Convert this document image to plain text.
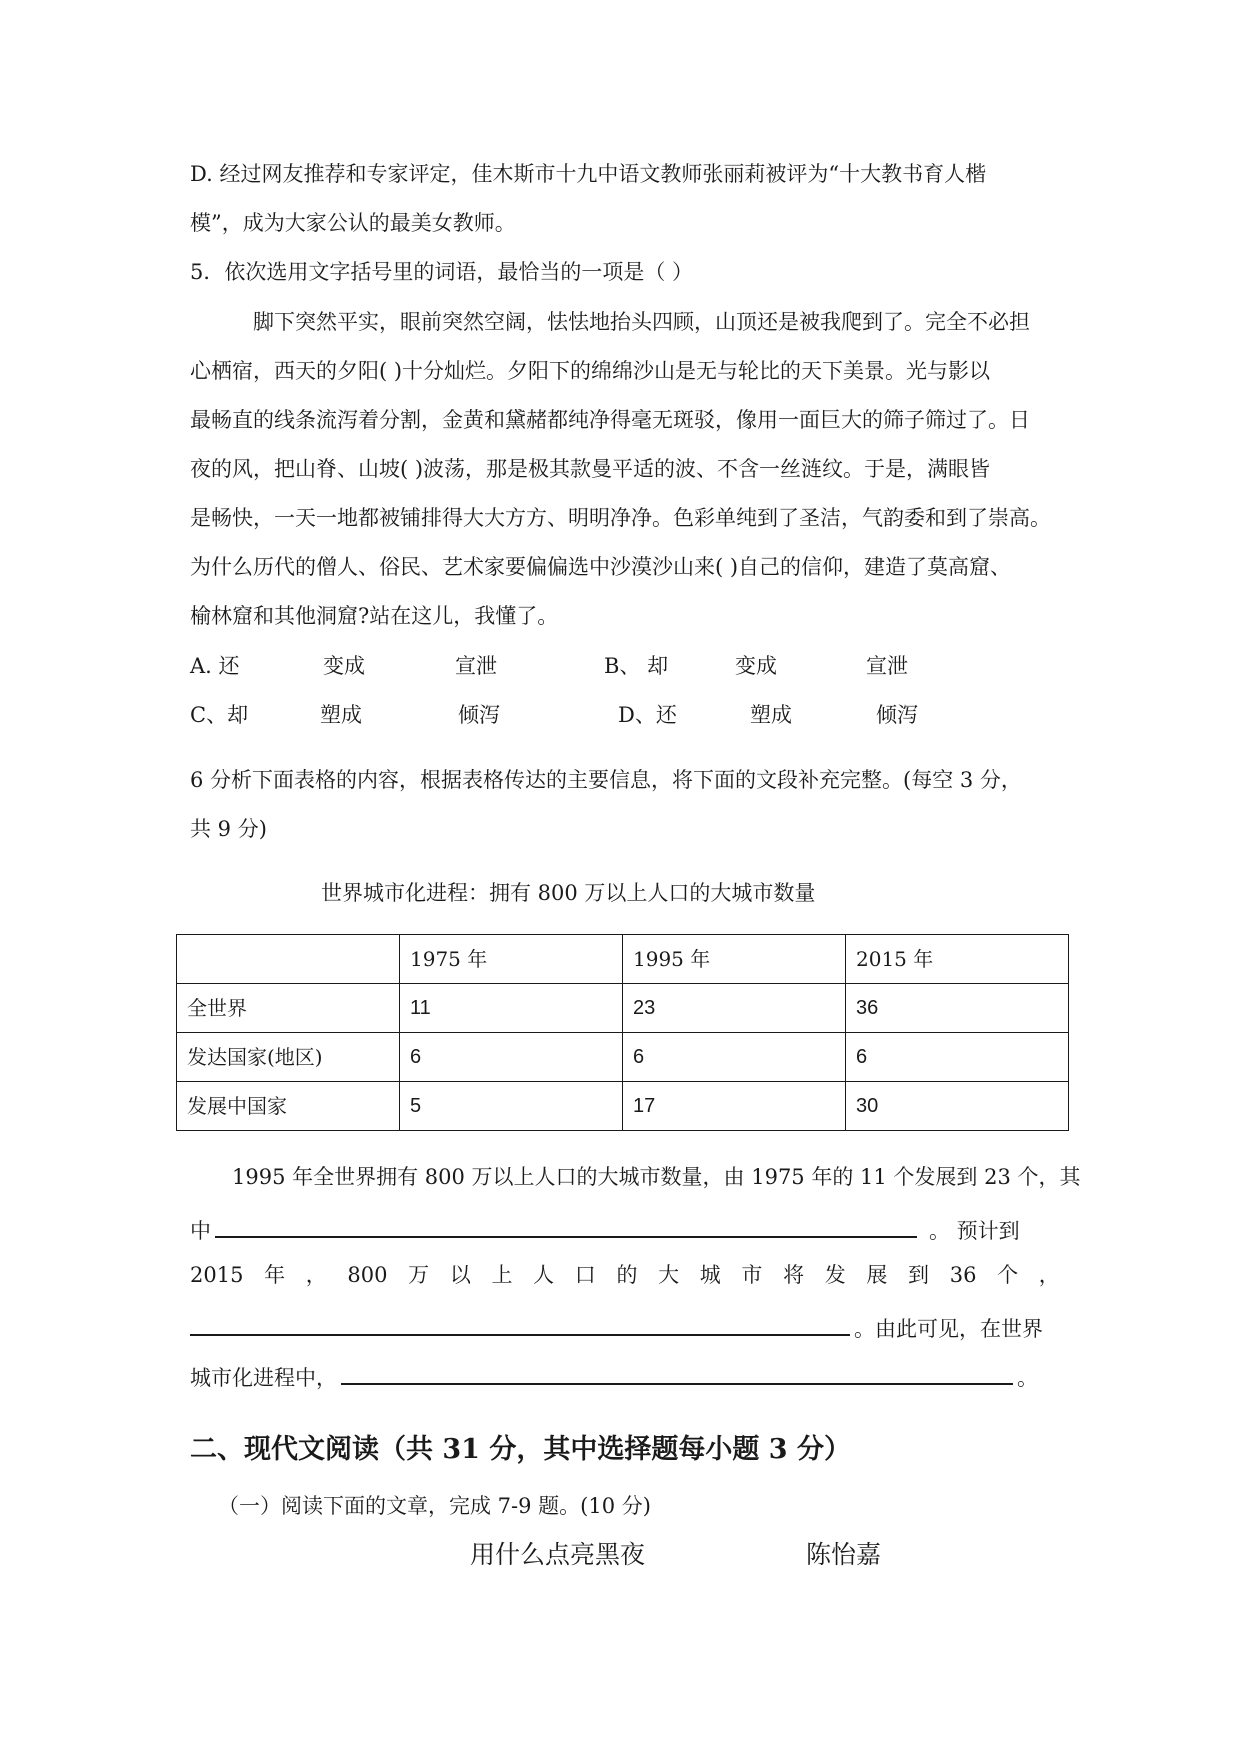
D. 经过网友推荐和专家评定，佳木斯市十九中语文教师张丽莉被评为“十大教书育人楷
模”，成为大家公认的最美女教师。
5．依次选用文字括号里的词语，最恰当的一项是（ ）
脚下突然平实，眼前突然空阔，怯怯地抬头四顾，山顶还是被我爬到了。完全不必担
心栖宿，西天的夕阳( )十分灿烂。夕阳下的绵绵沙山是无与轮比的天下美景。光与影以
最畅直的线条流泻着分割，金黄和黛赭都纯净得毫无斑驳，像用一面巨大的筛子筛过了。日
夜的风，把山脊、山坡( )波荡，那是极其款曼平适的波、不含一丝涟纹。于是，满眼皆
是畅快，一天一地都被铺排得大大方方、明明净净。色彩单纯到了圣洁，气韵委和到了崇高。
为什么历代的僧人、俗民、艺术家要偏偏选中沙漠沙山来( )自己的信仰，建造了莫高窟、
榆林窟和其他洞窟?站在这儿，我懂了。
A. 还	变成	宣泄	B、 却	变成	宣泄
C、却	塑成	倾泻	D、还	塑成	倾泻
6 分析下面表格的内容，根据表格传达的主要信息，将下面的文段补充完整。(每空 3 分，
共 9 分)
世界城市化进程：拥有 800 万以上人口的大城市数量
	1975 年	1995 年	2015 年
全世界	11	23	36
发达国家(地区)	6	6	6
发展中国家	5	17	30
1995 年全世界拥有 800 万以上人口的大城市数量，由 1975 年的 11 个发展到 23 个，其
中	。 预计到
2015 年 ， 800 万 以 上 人 口 的 大 城 市 将 发 展 到 36 个 ，
。由此可见，在世界
城市化进程中，	。
二、现代文阅读（共 31 分，其中选择题每小题 3 分）
（一）阅读下面的文章，完成 7-9 题。(10 分)
用什么点亮黑夜	陈怡嘉
